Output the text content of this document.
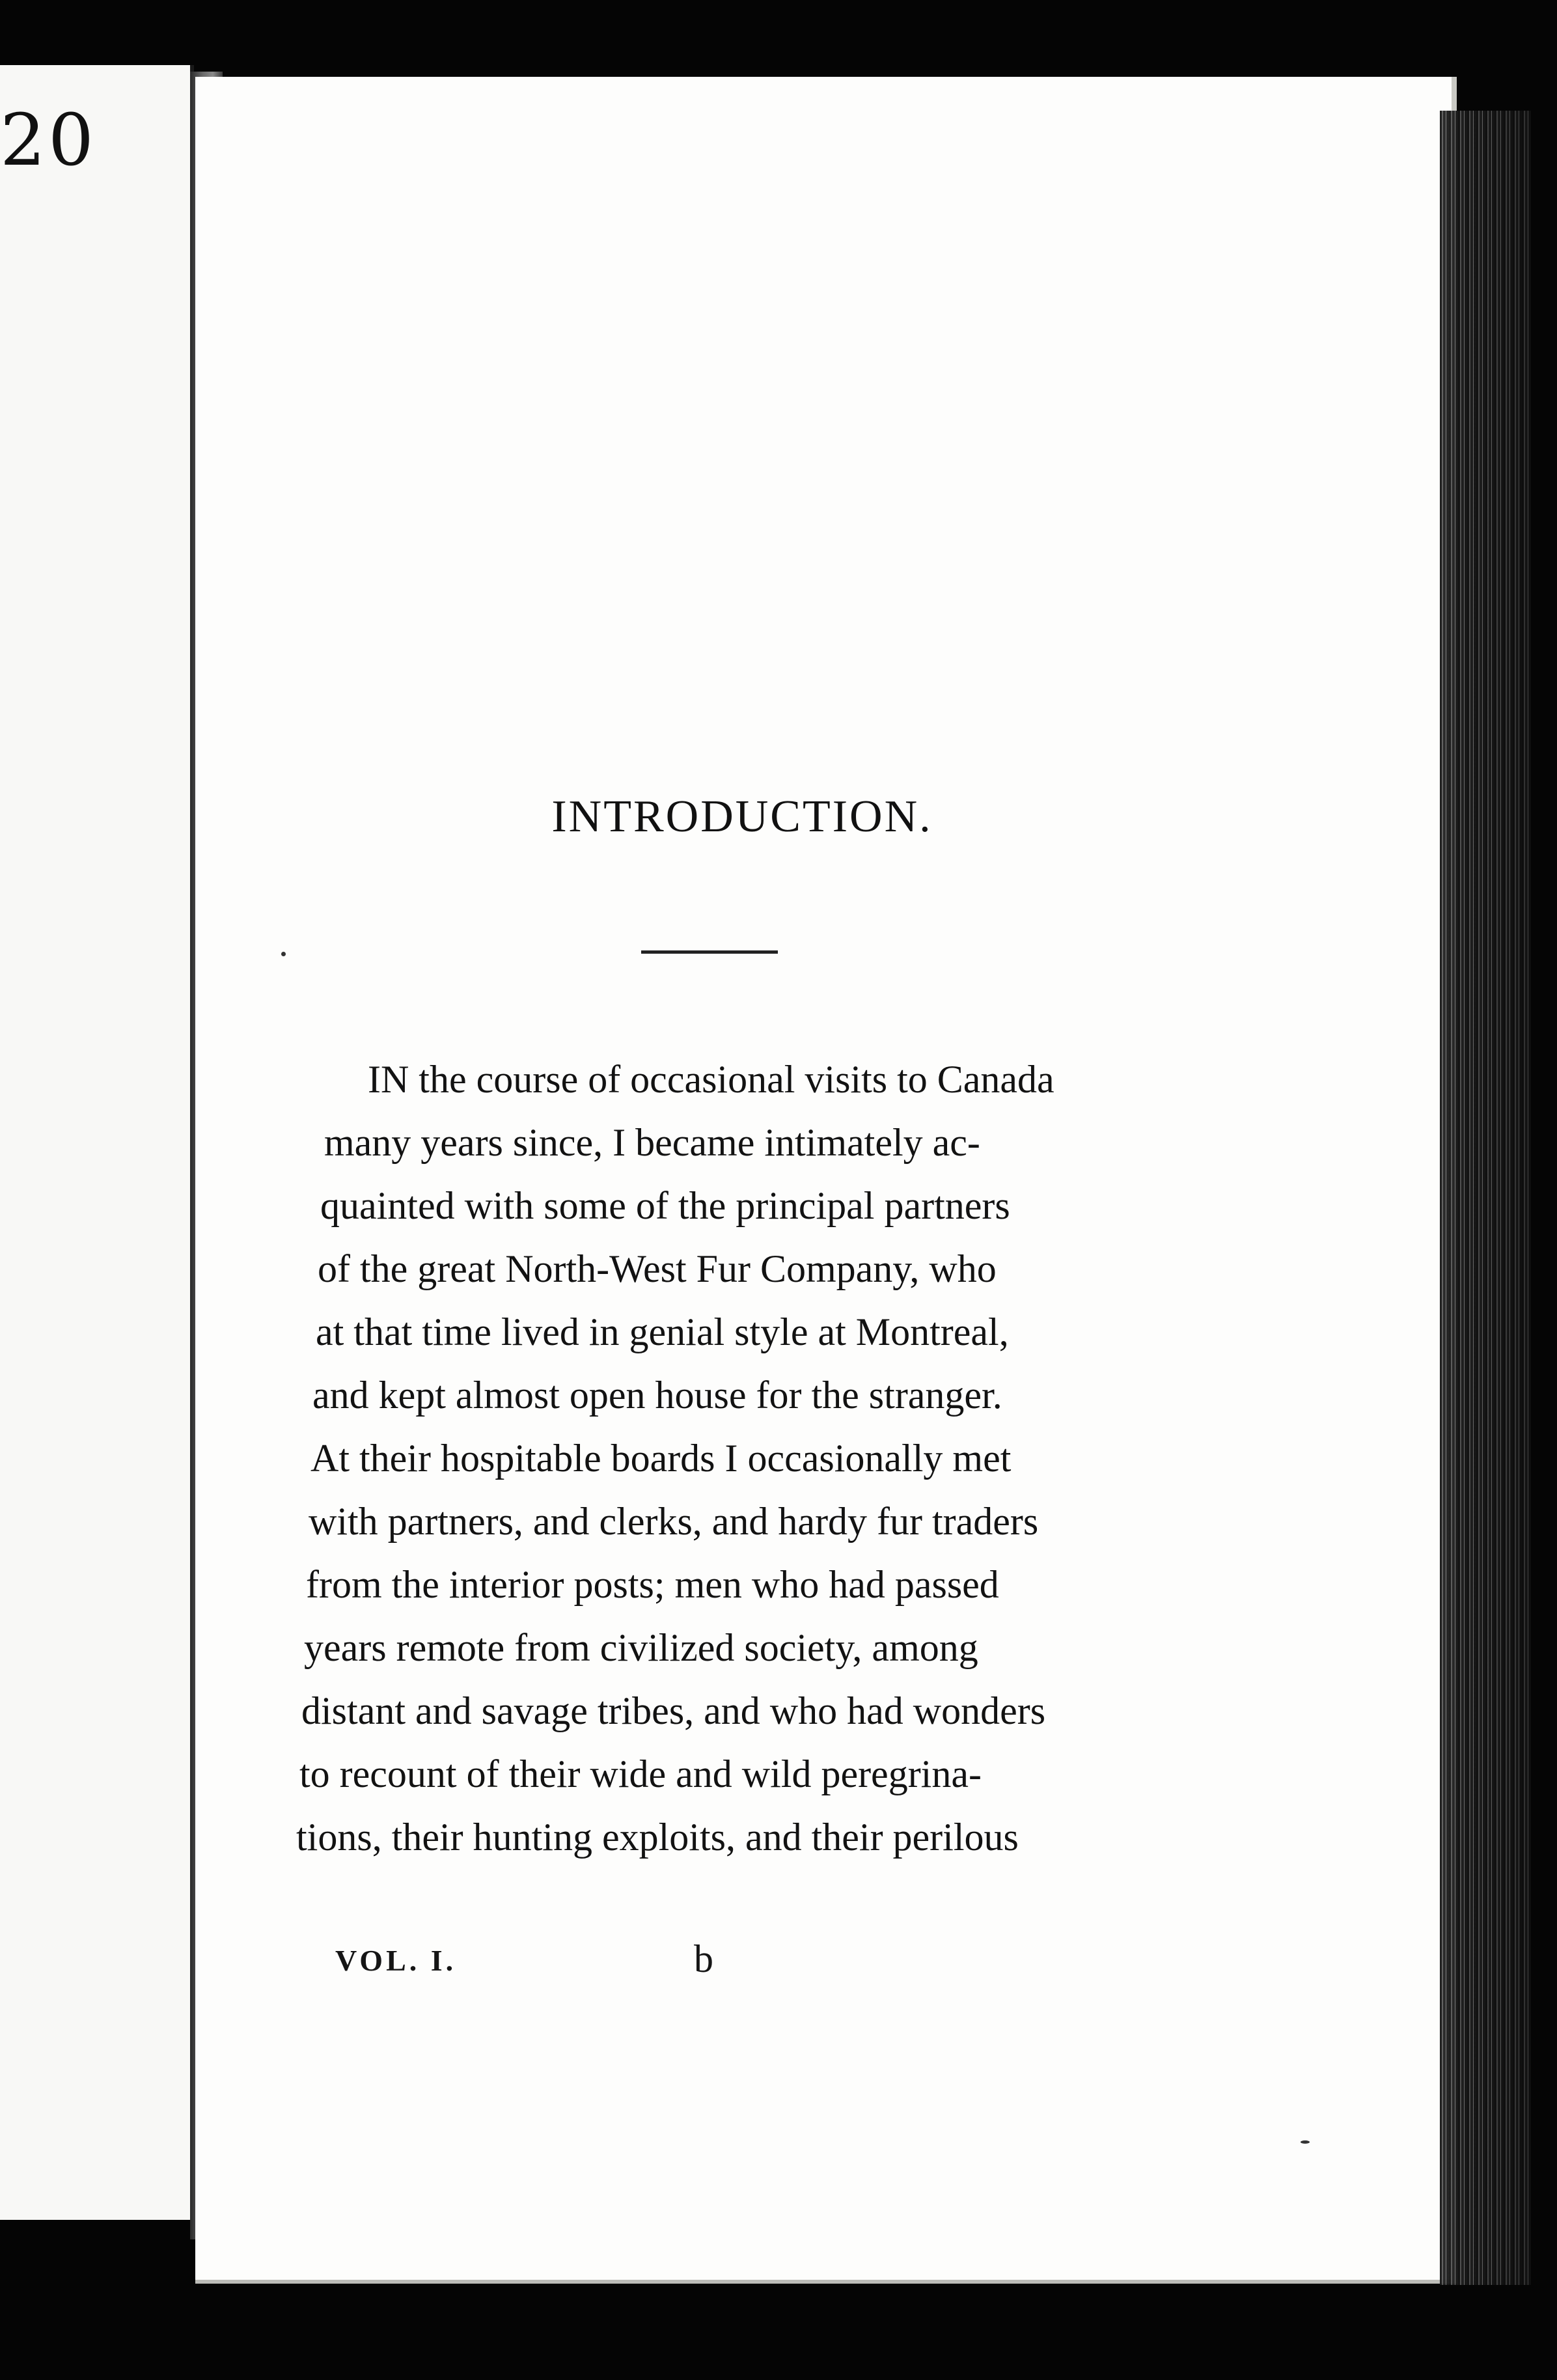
20
INTRODUCTION.
IN the course of occasional visits to Canada
many years since, I became intimately ac-
quainted with some of the principal partners
of the great North-West Fur Company, who
at that time lived in genial style at Montreal,
and kept almost open house for the stranger.
At their hospitable boards I occasionally met
with partners, and clerks, and hardy fur traders
from the interior posts; men who had passed
years remote from civilized society, among
distant and savage tribes, and who had wonders
to recount of their wide and wild peregrina-
tions, their hunting exploits, and their perilous
VOL. I.	b
